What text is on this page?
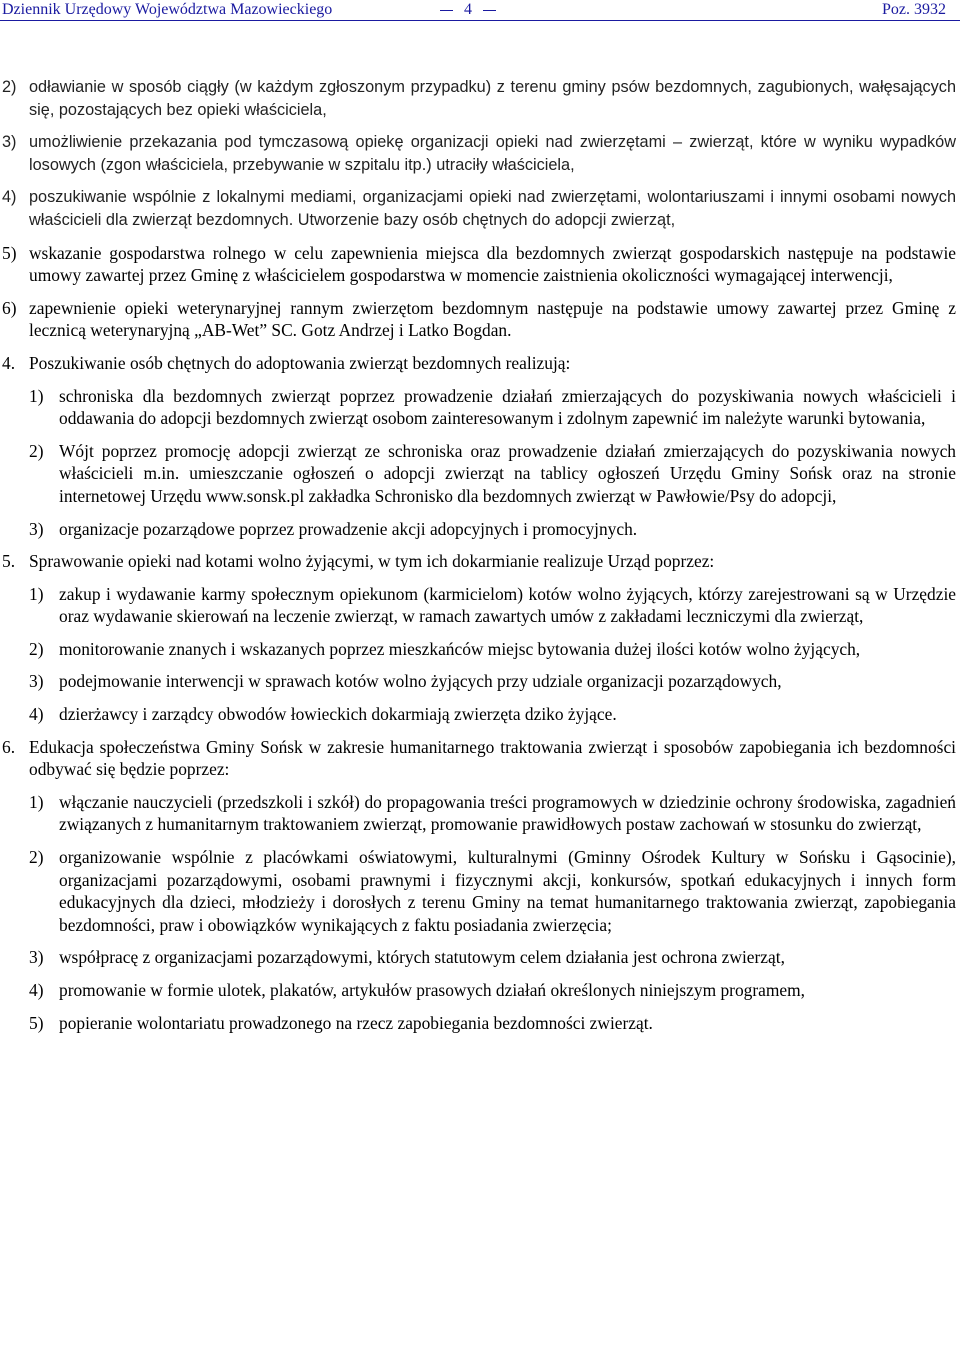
Dziennik Urzędowy Województwa Mazowieckiego	4	Poz. 3932
2) odławianie w sposób ciągły (w każdym zgłoszonym przypadku) z terenu gminy psów bezdomnych, zagubionych, wałęsających się, pozostających bez opieki właściciela,

3) umożliwienie przekazania pod tymczasową opiekę organizacji opieki nad zwierzętami – zwierząt, które w wyniku wypadków losowych (zgon właściciela, przebywanie w szpitalu itp.) utraciły właściciela,

4) poszukiwanie wspólnie z lokalnymi mediami, organizacjami opieki nad zwierzętami, wolontariuszami i innymi osobami nowych właścicieli dla zwierząt bezdomnych. Utworzenie bazy osób chętnych do adopcji zwierząt,

5) wskazanie gospodarstwa rolnego w celu zapewnienia miejsca dla bezdomnych zwierząt gospodarskich następuje na podstawie umowy zawartej przez Gminę z właścicielem gospodarstwa w momencie zaistnienia okoliczności wymagającej interwencji,

6) zapewnienie opieki weterynaryjnej rannym zwierzętom bezdomnym następuje na podstawie umowy zawartej przez Gminę z lecznicą weterynaryjną „AB-Wet” SC. Gotz Andrzej i Latko Bogdan.

4. Poszukiwanie osób chętnych do adoptowania zwierząt bezdomnych realizują:

1) schroniska dla bezdomnych zwierząt poprzez prowadzenie działań zmierzających do pozyskiwania nowych właścicieli i oddawania do adopcji bezdomnych zwierząt osobom zainteresowanym i zdolnym zapewnić im należyte warunki bytowania,

2) Wójt poprzez promocję adopcji zwierząt ze schroniska oraz prowadzenie działań zmierzających do pozyskiwania nowych właścicieli m.in. umieszczanie ogłoszeń o adopcji zwierząt na tablicy ogłoszeń Urzędu Gminy Sońsk oraz na stronie internetowej Urzędu www.sonsk.pl zakładka Schronisko dla bezdomnych zwierząt w Pawłowie/Psy do adopcji,

3) organizacje pozarządowe poprzez prowadzenie akcji adopcyjnych i promocyjnych.

5. Sprawowanie opieki nad kotami wolno żyjącymi, w tym ich dokarmianie realizuje Urząd poprzez:

1) zakup i wydawanie karmy społecznym opiekunom (karmicielom) kotów wolno żyjących, którzy zarejestrowani są w Urzędzie oraz wydawanie skierowań na leczenie zwierząt, w ramach zawartych umów z zakładami leczniczymi dla zwierząt,

2) monitorowanie znanych i wskazanych poprzez mieszkańców miejsc bytowania dużej ilości kotów wolno żyjących,

3) podejmowanie interwencji w sprawach kotów wolno żyjących przy udziale organizacji pozarządowych,

4) dzierżawcy i zarządcy obwodów łowieckich dokarmiają zwierzęta dziko żyjące.

6. Edukacja społeczeństwa Gminy Sońsk w zakresie humanitarnego traktowania zwierząt i sposobów zapobiegania ich bezdomności odbywać się będzie poprzez:

1) włączanie nauczycieli (przedszkoli i szkół) do propagowania treści programowych w dziedzinie ochrony środowiska, zagadnień związanych z humanitarnym traktowaniem zwierząt, promowanie prawidłowych postaw zachowań w stosunku do zwierząt,

2) organizowanie wspólnie z placówkami oświatowymi, kulturalnymi (Gminny Ośrodek Kultury w Sońsku i Gąsocinie), organizacjami pozarządowymi, osobami prawnymi i fizycznymi akcji, konkursów, spotkań edukacyjnych i innych form edukacyjnych dla dzieci, młodzieży i dorosłych z terenu Gminy na temat humanitarnego traktowania zwierząt, zapobiegania bezdomności, praw i obowiązków wynikających z faktu posiadania zwierzęcia;

3) współpracę z organizacjami pozarządowymi, których statutowym celem działania jest ochrona zwierząt,

4) promowanie w formie ulotek, plakatów, artykułów prasowych działań określonych niniejszym programem,

5) popieranie wolontariatu prowadzonego na rzecz zapobiegania bezdomności zwierząt.
